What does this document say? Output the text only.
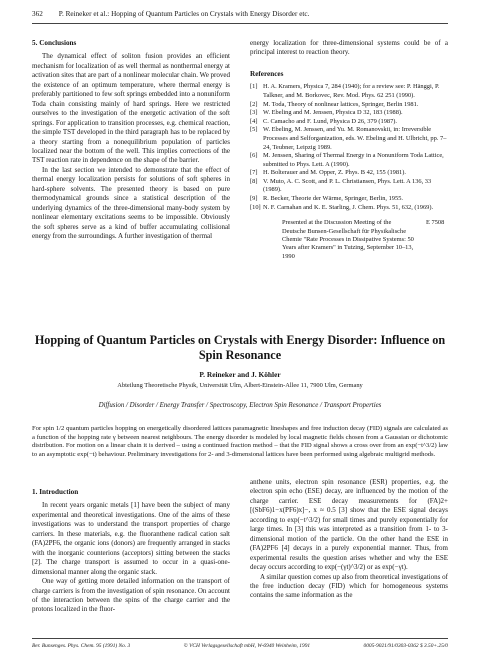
362 P. Reineker et al.: Hopping of Quantum Particles on Crystals with Energy Disorder etc.
5. Conclusions

The dynamical effect of soliton fusion provides an efficient mechanism for localization of as well thermal as nonthermal energy at activation sites that are part of a nonlinear molecular chain. We proved the existence of an optimum temperature, where thermal energy is preferably partitioned to few soft springs embedded into a nonuniform Toda chain consisting mainly of hard springs. Here we restricted ourselves to the investigation of the energetic activation of the soft springs. For application to transition processes, e.g. chemical reaction, the simple TST developed in the third paragraph has to be replaced by a theory starting from a nonequilibrium population of particles localized near the bottom of the well. This implies corrections of the TST reaction rate in dependence on the shape of the barrier.

In the last section we intended to demonstrate that the effect of thermal energy localization persists for solutions of soft spheres in hard-sphere solvents. The presented theory is based on pure thermodynamical grounds since a statistical description of the underlying dynamics of the three-dimensional many-body system by nonlinear elementary excitations seems to be impossible. Obviously the soft spheres serve as a kind of buffer accumulating collisional energy from the surroundings. A further investigation of thermal

energy localization for three-dimensional systems could be of a principal interest to reaction theory.

References
[1] H. A. Kramers, Physica 7, 284 (1940); for a review see: P. Hänggi, P. Talkner, and M. Borkovec, Rev. Mod. Phys. 62 251 (1990).
[2] M. Toda, Theory of nonlinear lattices, Springer, Berlin 1981.
[3] W. Ebeling and M. Jenssen, Physica D 32, 183 (1988).
[4] C. Camacho and F. Lund, Physica D 26, 379 (1987).
[5] W. Ebeling, M. Jenssen, and Yu. M. Romanovskii, in: Irreversible Processes and Selforganization, eds. W. Ebeling and H. Ulbricht, pp. 7–24, Teubner, Leipzig 1989.
[6] M. Jenssen, Sharing of Thermal Energy in a Nonuniform Toda Lattice, submitted to Phys. Lett. A (1990).
[7] H. Bolterauer and M. Opper, Z. Phys. B 42, 155 (1981).
[8] V. Muto, A. C. Scott, and P. L. Christiansen, Phys. Lett. A 136, 33 (1989).
[9] R. Becker, Theorie der Wärme, Springer, Berlin, 1955.
[10] N. F. Carnahan and K. E. Starling, J. Chem. Phys. 51, 632, (1969).
Presented at the Discussion Meeting of the Deutsche Bunsen-Gesellschaft für Physikalische Chemie "Rate Processes in Dissipative Systems: 50 Years after Kramers" in Tutzing, September 10–13, 1990
E 7508
Hopping of Quantum Particles on Crystals with Energy Disorder: Influence on Spin Resonance
P. Reineker and J. Köhler
Abteilung Theoretische Physik, Universität Ulm, Albert-Einstein-Allee 11, 7900 Ulm, Germany
Diffusion / Disorder / Energy Transfer / Spectroscopy, Electron Spin Resonance / Transport Properties
For spin 1/2 quantum particles hopping on energetically disordered lattices paramagnetic lineshapes and free induction decay (FID) signals are calculated as a function of the hopping rate γ between nearest neighbours. The energy disorder is modeled by local magnetic fields chosen from a Gaussian or dichotomic distribution. For motion on a linear chain it is derived – using a continued fraction method – that the FID signal shows a cross over from an exp(−t^3/2) law to an asymptotic exp(−t) behaviour. Preliminary investigations for 2- and 3-dimensional lattices have been performed using algebraic multigrid methods.
1. Introduction

In recent years organic metals [1] have been the subject of many experimental and theoretical investigations. One of the aims of these investigations was to understand the transport properties of charge carriers. In these materials, e.g. the fluoranthene radical cation salt (FA)2PF6, the organic ions (donors) are frequently arranged in stacks with the inorganic counterions (acceptors) sitting between the stacks [2]. The charge transport is assumed to occur in a quasi-one-dimensional manner along the organic stack.

One way of getting more detailed information on the transport of charge carriers is from the investigation of spin resonance. On account of the interaction between the spins of the charge carrier and the protons localized in the fluor-

anthene units, electron spin resonance (ESR) properties, e.g. the electron spin echo (ESE) decay, are influenced by the motion of the charge carrier. ESE decay measurements for (FA)2+[(SbF6)1−x(PF6)x]−, x ≈ 0.5 [3] show that the ESE signal decays according to exp(−t^3/2) for small times and purely exponentially for large times. In [3] this was interpreted as a transition from 1- to 3-dimensional motion of the particle. On the other hand the ESE in (FA)2PF6 [4] decays in a purely exponential manner. Thus, from experimental results the question arises whether and why the ESE decay occurs according to exp(−(γt)^3/2) or as exp(−γt).

A similar question comes up also from theoretical investigations of the free induction decay (FID) which for homogeneous systems contains the same information as the

Ber. Bunsenges. Phys. Chem. 95 (1991) No. 3	© VCH Verlagsgesellschaft mbH, W-6940 Weinheim, 1991	0005-9021/91/0303-0362 $ 3.50+.25/0
